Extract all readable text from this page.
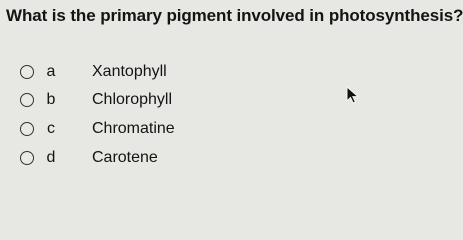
What is the primary pigment involved in photosynthesis?
a Xantophyll
b Chlorophyll
c Chromatine
d Carotene
